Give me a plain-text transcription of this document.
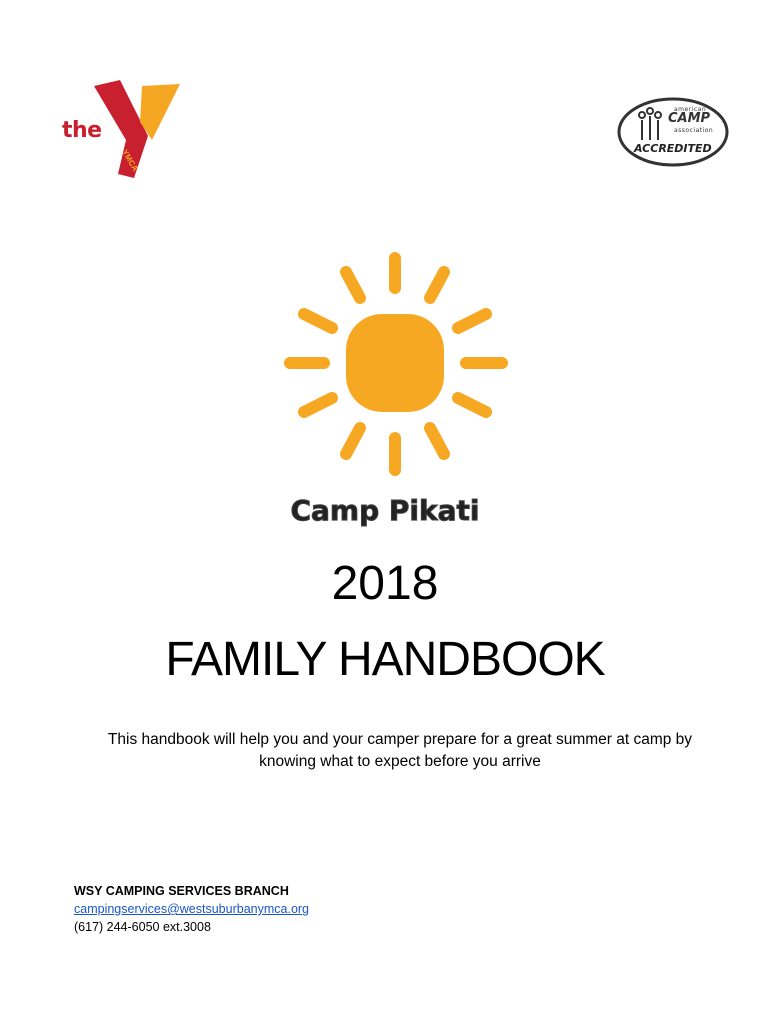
the
YMCA
american
CAMP
association
ACCREDITED
Camp Pikati
2018
FAMILY HANDBOOK
This handbook will help you and your camper prepare for a great summer at camp by knowing what to expect before you arrive
WSY CAMPING SERVICES BRANCH
campingservices@westsuburbanymca.org
(617) 244-6050 ext.3008
